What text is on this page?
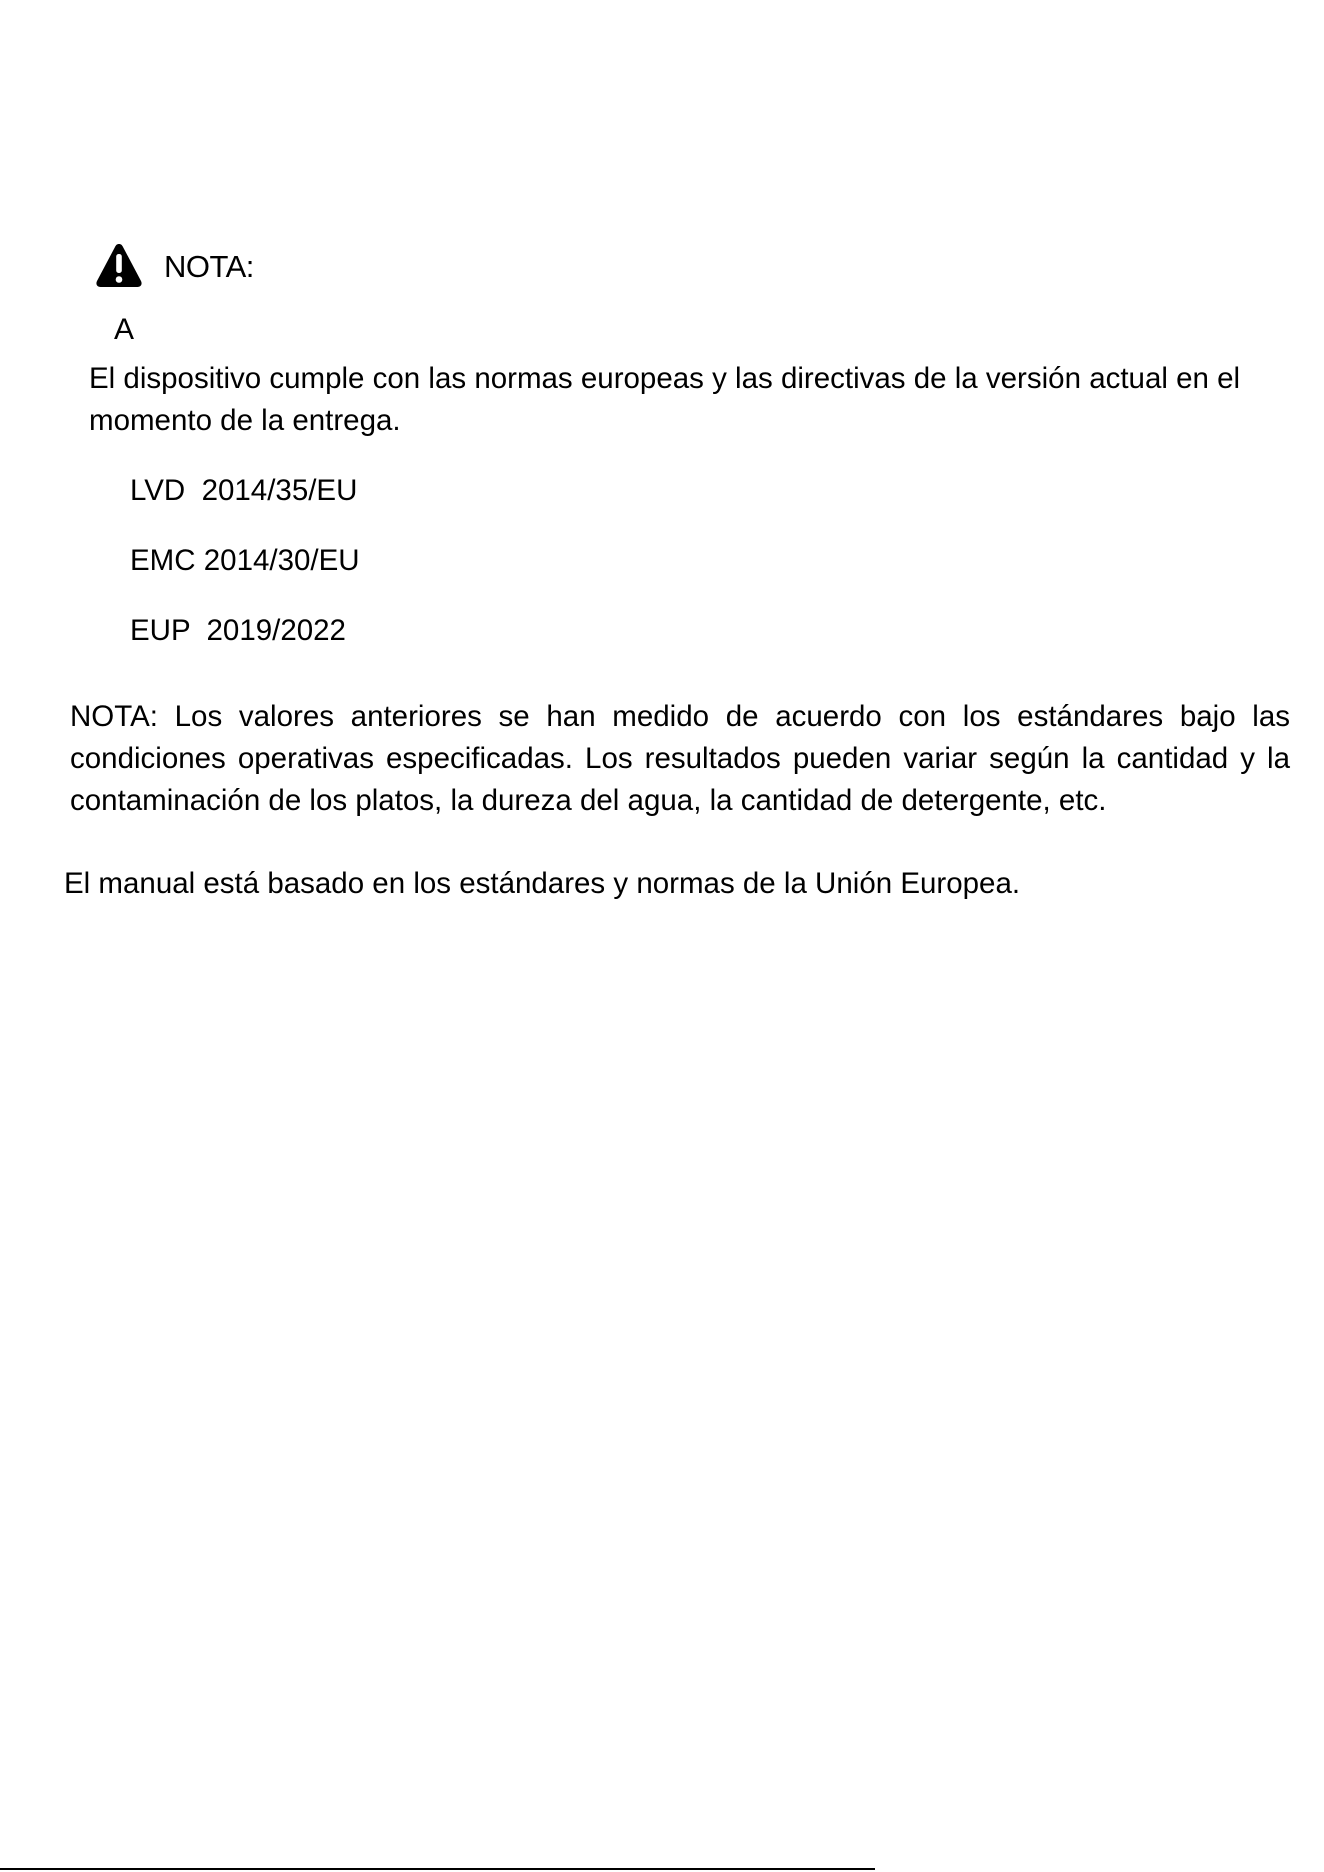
NOTA:
A

El dispositivo cumple con las normas europeas y las directivas de la versión actual en el momento de la entrega.

LVD  2014/35/EU
EMC 2014/30/EU
EUP  2019/2022

NOTA: Los valores anteriores se han medido de acuerdo con los estándares bajo las condiciones operativas especificadas. Los resultados pueden variar según la cantidad y la contaminación de los platos, la dureza del agua, la cantidad de detergente, etc.

El manual está basado en los estándares y normas de la Unión Europea.
